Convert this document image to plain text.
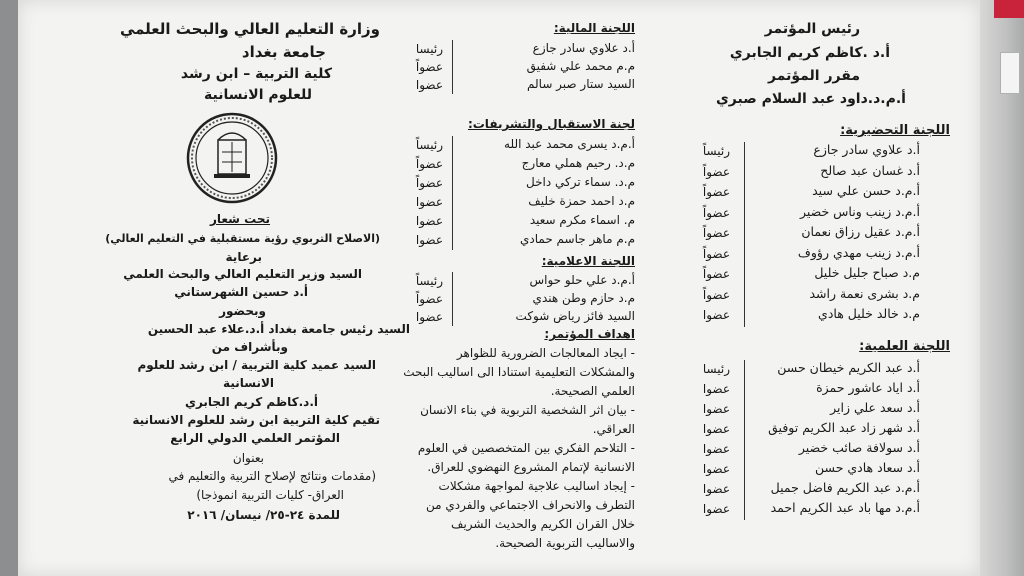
وزارة التعليم العالي والبحث العلمي
جامعة بغداد
كلية التربية – ابن رشد
للعلوم الانسانية
تحت شعار
(الاصلاح التربوي رؤية مستقبلية في التعليم العالي)
برعاية
السيد وزير التعليم العالي والبحث العلمي
أ.د حسين الشهرستاني
وبحضور
السيد رئيس جامعة بغداد أ.د.علاء عبد الحسين
وبأشراف من
السيد عميد كلية التربية / ابن رشد للعلوم
الانسانية
أ.د.كاظم كريم الجابري
تقيم كلية التربية ابن رشد للعلوم الانسانية
المؤتمر العلمي الدولي الرابع
بعنوان
(مقدمات ونتائج لإصلاح التربية والتعليم في
العراق- كليات التربية انموذجا)
للمدة ٢٤-٢٥/ نيسان/ ٢٠١٦
اللجنة المالية:
أ.د علاوي سادر جازع
رئيسا
م.م محمد علي شفيق
عضواً
السيد ستار صبر سالم
عضوا
لجنة الاستقبال والتشريفات:
أ.م.د يسرى محمد عبد الله
رئيساً
م.د. رحيم هملي معارج
عضواً
م.د. سماء تركي داخل
عضواً
م.د احمد حمزة خليف
عضوا
م. اسماء مكرم سعيد
عضوا
م.م ماهر جاسم حمادي
عضوا
اللجنة الاعلامية:
أ.م.د علي حلو حواس
رئيساً
م.د حازم وطن هندي
عضواً
السيد فائز رياض شوكت
عضوا
اهداف المؤتمر:
- ايجاد المعالجات الضرورية للظواهر
والمشكلات التعليمية استنادا الى اساليب البحث
العلمي الصحيحة.
- بيان اثر الشخصية التربوية في بناء الانسان
العراقي.
- التلاحم الفكري بين المتخصصين في العلوم
الانسانية لإتمام المشروع النهضوي للعراق.
- إيجاد اساليب علاجية لمواجهة مشكلات
التطرف والانحراف الاجتماعي والفردي من
خلال القران الكريم والحديث الشريف
والاساليب التربوية الصحيحة.
رئيس المؤتمر
أ.د .كاظم كريم الجابري
مقرر المؤتمر
أ.م.د.داود عبد السلام صبري
اللجنة التحضيرية:
أ.د علاوي سادر جازع
رئيساً
أ.د غسان عبد صالح
عضواً
أ.م.د حسن علي سيد
عضواً
أ.م.د زينب وناس خضير
عضواً
أ.م.د عقيل رزاق نعمان
عضواً
أ.م.د زينب مهدي رؤوف
عضواً
م.د صباح جليل خليل
عضواً
م.د بشرى نعمة راشد
عضواً
م.د خالد خليل هادي
عضوا
اللجنة العلمية:
أ.د عبد الكريم خيطان حسن
رئيسا
أ.د اياد عاشور حمزة
عضوا
أ.د سعد علي زاير
عضوا
أ.د شهر زاد عبد الكريم توفيق
عضوا
أ.د سولافة صائب خضير
عضوا
أ.د سعاد هادي حسن
عضوا
أ.م.د عبد الكريم فاضل جميل
عضوا
أ.م.د مها باد عبد الكريم احمد
عضوا
